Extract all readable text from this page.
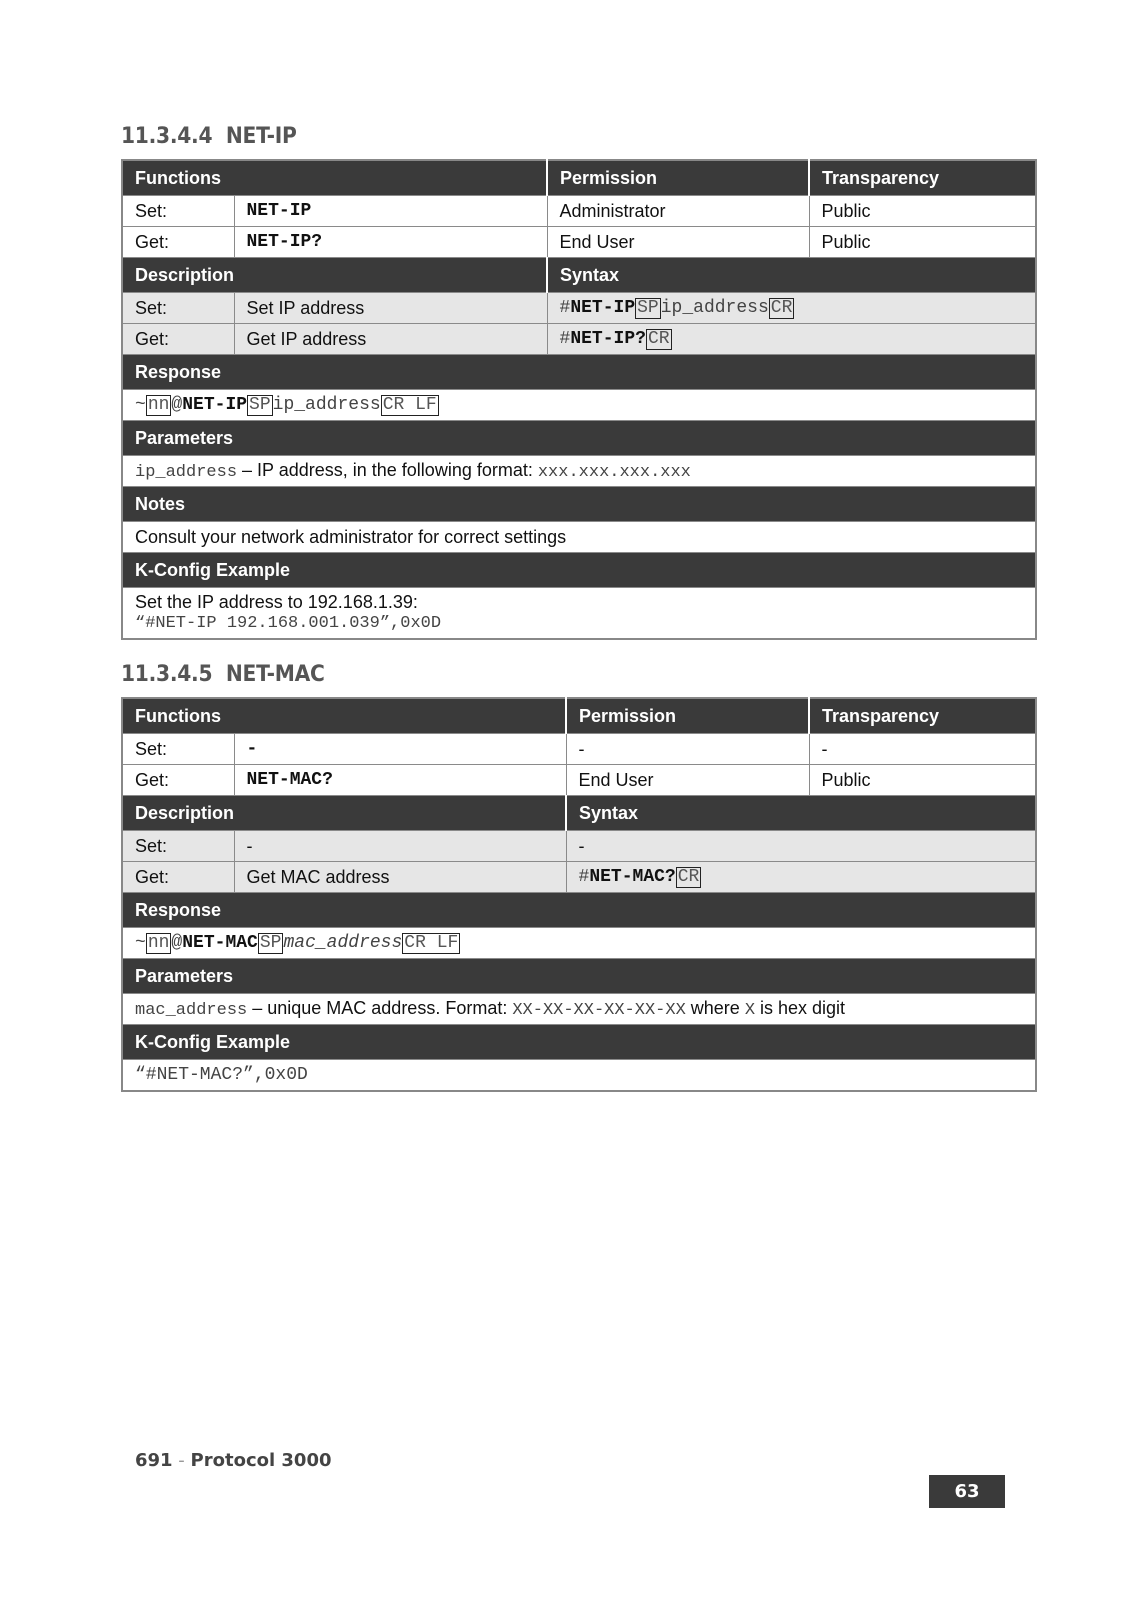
11.3.4.4 NET-IP
Functions		Permission	Transparency
Set:	NET-IP	Administrator	Public
Get:	NET-IP?	End User	Public
Description		Syntax	
Set:	Set IP address	#NET-IP SP ip_address CR	
Get:	Get IP address	#NET-IP? CR	
Response			
~ nn @NET-IP SP ip_address CR LF			
Parameters			
ip_address – IP address, in the following format: xxx.xxx.xxx.xxx			
Notes			
Consult your network administrator for correct settings			
K-Config Example			

Set the IP address to 192.168.1.39:
“#NET-IP 192.168.001.039”,0x0D			
11.3.4.5 NET-MAC
Functions		Permission	Transparency
Set:	-	-	-
Get:	NET-MAC?	End User	Public
Description		Syntax	
Set:	-	-	
Get:	Get MAC address	#NET-MAC? CR	
Response			
~ nn @NET-MAC SP mac_address CR LF			
Parameters			
mac_address – unique MAC address. Format: XX-XX-XX-XX-XX-XX where X is hex digit			
K-Config Example			
“#NET-MAC?”,0x0D			
691 - Protocol 3000
63
